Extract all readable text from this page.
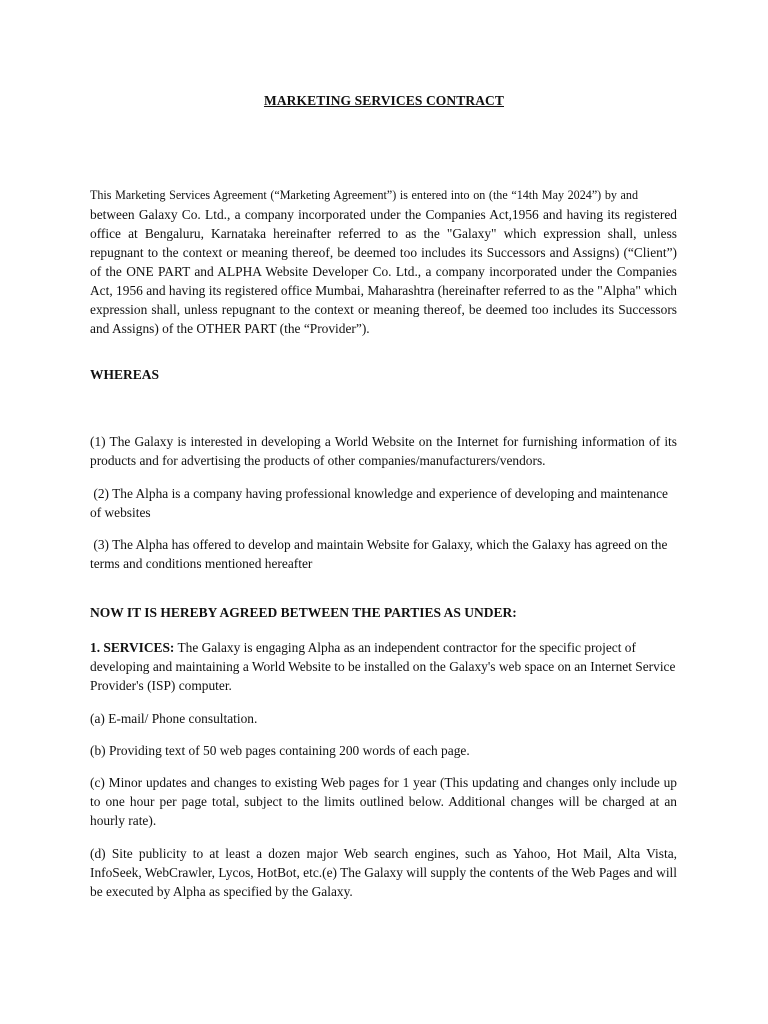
MARKETING SERVICES CONTRACT
This Marketing Services Agreement (“Marketing Agreement”) is entered into on (the “14th May 2024”) by and

between Galaxy Co. Ltd., a company incorporated under the Companies Act,1956 and having its registered office at Bengaluru, Karnataka hereinafter referred to as the "Galaxy" which expression shall, unless repugnant to the context or meaning thereof, be deemed too includes its Successors and Assigns) (“Client”) of the ONE PART and ALPHA Website Developer Co. Ltd., a company incorporated under the Companies Act, 1956 and having its registered office Mumbai, Maharashtra (hereinafter referred to as the "Alpha" which expression shall, unless repugnant to the context or meaning thereof, be deemed too includes its Successors and Assigns) of the OTHER PART (the “Provider”).

WHEREAS

(1) The Galaxy is interested in developing a World Website on the Internet for furnishing information of its products and for advertising the products of other companies/manufacturers/vendors.

(2) The Alpha is a company having professional knowledge and experience of developing and maintenance of websites

(3) The Alpha has offered to develop and maintain Website for Galaxy, which the Galaxy has agreed on the terms and conditions mentioned hereafter

NOW IT IS HEREBY AGREED BETWEEN THE PARTIES AS UNDER:

1. SERVICES: The Galaxy is engaging Alpha as an independent contractor for the specific project of developing and maintaining a World Website to be installed on the Galaxy's web space on an Internet Service Provider's (ISP) computer.

(a) E-mail/ Phone consultation.

(b) Providing text of 50 web pages containing 200 words of each page.

(c) Minor updates and changes to existing Web pages for 1 year (This updating and changes only include up to one hour per page total, subject to the limits outlined below. Additional changes will be charged at an hourly rate).

(d) Site publicity to at least a dozen major Web search engines, such as Yahoo, Hot Mail, Alta Vista, InfoSeek, WebCrawler, Lycos, HotBot, etc.(e) The Galaxy will supply the contents of the Web Pages and will be executed by Alpha as specified by the Galaxy.
